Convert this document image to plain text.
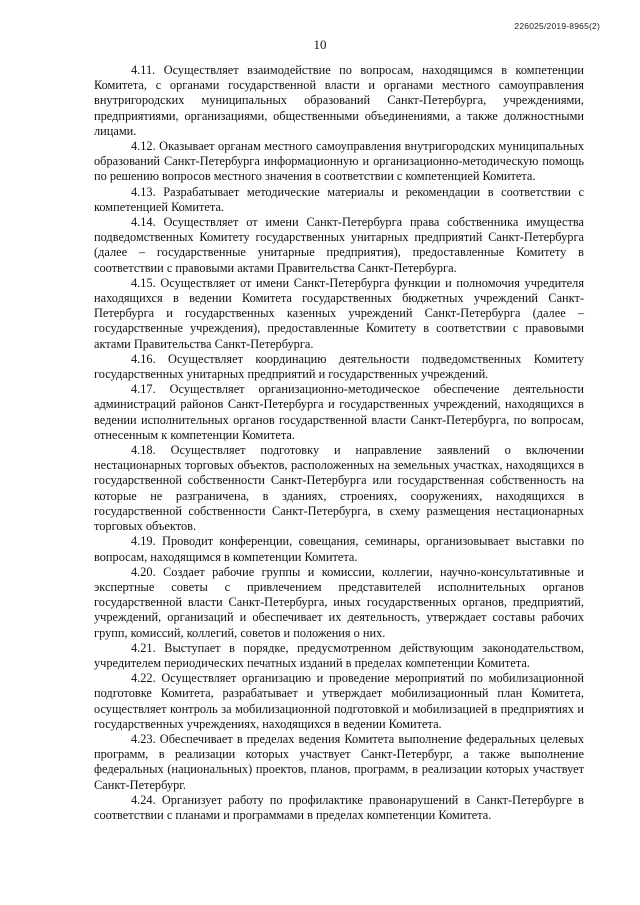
226025/2019-8965(2)
10

4.11. Осуществляет взаимодействие по вопросам, находящимся в компетенции Комитета, с органами государственной власти и органами местного самоуправления внутригородских муниципальных образований Санкт-Петербурга, учреждениями, предприятиями, организациями, общественными объединениями, а также должностными лицами.

4.12. Оказывает органам местного самоуправления внутригородских муниципальных образований Санкт-Петербурга информационную и организационно-методическую помощь по решению вопросов местного значения в соответствии с компетенцией Комитета.

4.13. Разрабатывает методические материалы и рекомендации в соответствии с компетенцией Комитета.

4.14. Осуществляет от имени Санкт-Петербурга права собственника имущества подведомственных Комитету государственных унитарных предприятий Санкт-Петербурга (далее – государственные унитарные предприятия), предоставленные Комитету в соответствии с правовыми актами Правительства Санкт-Петербурга.

4.15. Осуществляет от имени Санкт-Петербурга функции и полномочия учредителя находящихся в ведении Комитета государственных бюджетных учреждений Санкт-Петербурга и государственных казенных учреждений Санкт-Петербурга (далее – государственные учреждения), предоставленные Комитету в соответствии с правовыми актами Правительства Санкт-Петербурга.

4.16. Осуществляет координацию деятельности подведомственных Комитету государственных унитарных предприятий и государственных учреждений.

4.17. Осуществляет организационно-методическое обеспечение деятельности администраций районов Санкт-Петербурга и государственных учреждений, находящихся в ведении исполнительных органов государственной власти Санкт-Петербурга, по вопросам, отнесенным к компетенции Комитета.

4.18. Осуществляет подготовку и направление заявлений о включении нестационарных торговых объектов, расположенных на земельных участках, находящихся в государственной собственности Санкт-Петербурга или государственная собственность на которые не разграничена, в зданиях, строениях, сооружениях, находящихся в государственной собственности Санкт-Петербурга, в схему размещения нестационарных торговых объектов.

4.19. Проводит конференции, совещания, семинары, организовывает выставки по вопросам, находящимся в компетенции Комитета.

4.20. Создает рабочие группы и комиссии, коллегии, научно-консультативные и экспертные советы с привлечением представителей исполнительных органов государственной власти Санкт-Петербурга, иных государственных органов, предприятий, учреждений, организаций и обеспечивает их деятельность, утверждает составы рабочих групп, комиссий, коллегий, советов и положения о них.

4.21. Выступает в порядке, предусмотренном действующим законодательством, учредителем периодических печатных изданий в пределах компетенции Комитета.

4.22. Осуществляет организацию и проведение мероприятий по мобилизационной подготовке Комитета, разрабатывает и утверждает мобилизационный план Комитета, осуществляет контроль за мобилизационной подготовкой и мобилизацией в предприятиях и государственных учреждениях, находящихся в ведении Комитета.

4.23. Обеспечивает в пределах ведения Комитета выполнение федеральных целевых программ, в реализации которых участвует Санкт-Петербург, а также выполнение федеральных (национальных) проектов, планов, программ, в реализации которых участвует Санкт-Петербург.

4.24. Организует работу по профилактике правонарушений в Санкт-Петербурге в соответствии с планами и программами в пределах компетенции Комитета.
